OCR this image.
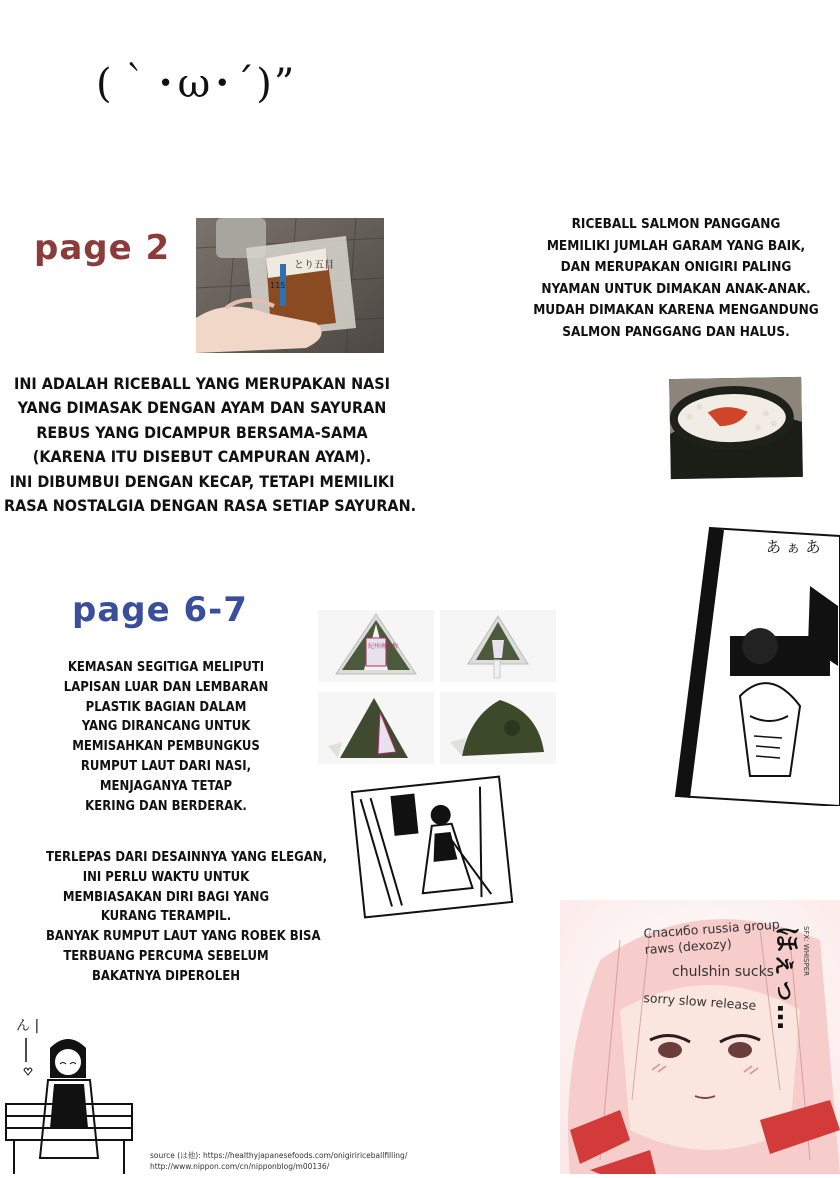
(｀･ω･´)”
page 2	とり五目
115
RICEBALL SALMON PANGGANG
MEMILIKI JUMLAH GARAM YANG BAIK,
DAN MERUPAKAN ONIGIRI PALING
NYAMAN UNTUK DIMAKAN ANAK-ANAK.
MUDAH DIMAKAN KARENA MENGANDUNG
SALMON PANGGANG DAN HALUS.
INI ADALAH RICEBALL YANG MERUPAKAN NASI
YANG DIMASAK DENGAN AYAM DAN SAYURAN
REBUS YANG DICAMPUR BERSAMA-SAMA
(KARENA ITU DISEBUT CAMPURAN AYAM).
INI DIBUMBUI DENGAN KECAP, TETAPI MEMILIKI
RASA NOSTALGIA DENGAN RASA SETIAP SAYURAN.
page 6-7
KEMASAN SEGITIGA MELIPUTI
LAPISAN LUAR DAN LEMBARAN
PLASTIK BAGIAN DALAM
YANG DIRANCANG UNTUK
MEMISAHKAN PEMBUNGKUS
RUMPUT LAUT DARI NASI,
MENJAGANYA TETAP
KERING DAN BERDERAK.
TERLEPAS DARI DESAINNYA YANG ELEGAN,
INI PERLU WAKTU UNTUK
MEMBIASAKAN DIRI BAGI YANG
KURANG TERAMPIL.
BANYAK RUMPUT LAUT YANG ROBEK BISA
TERBUANG PERCUMA SEBELUM
BAKATNYA DIPEROLEH
紀州南高梅
あ ぁ あ
ん |	ほぇっ… SFX: WHISPER
Спасибо russia group
raws (dexozy)
chulshin sucks
sorry slow release
source (は他): https://healthyjapanesefoods.com/onigiririceballfilling/
http://www.nippon.com/cn/nipponblog/m00136/
